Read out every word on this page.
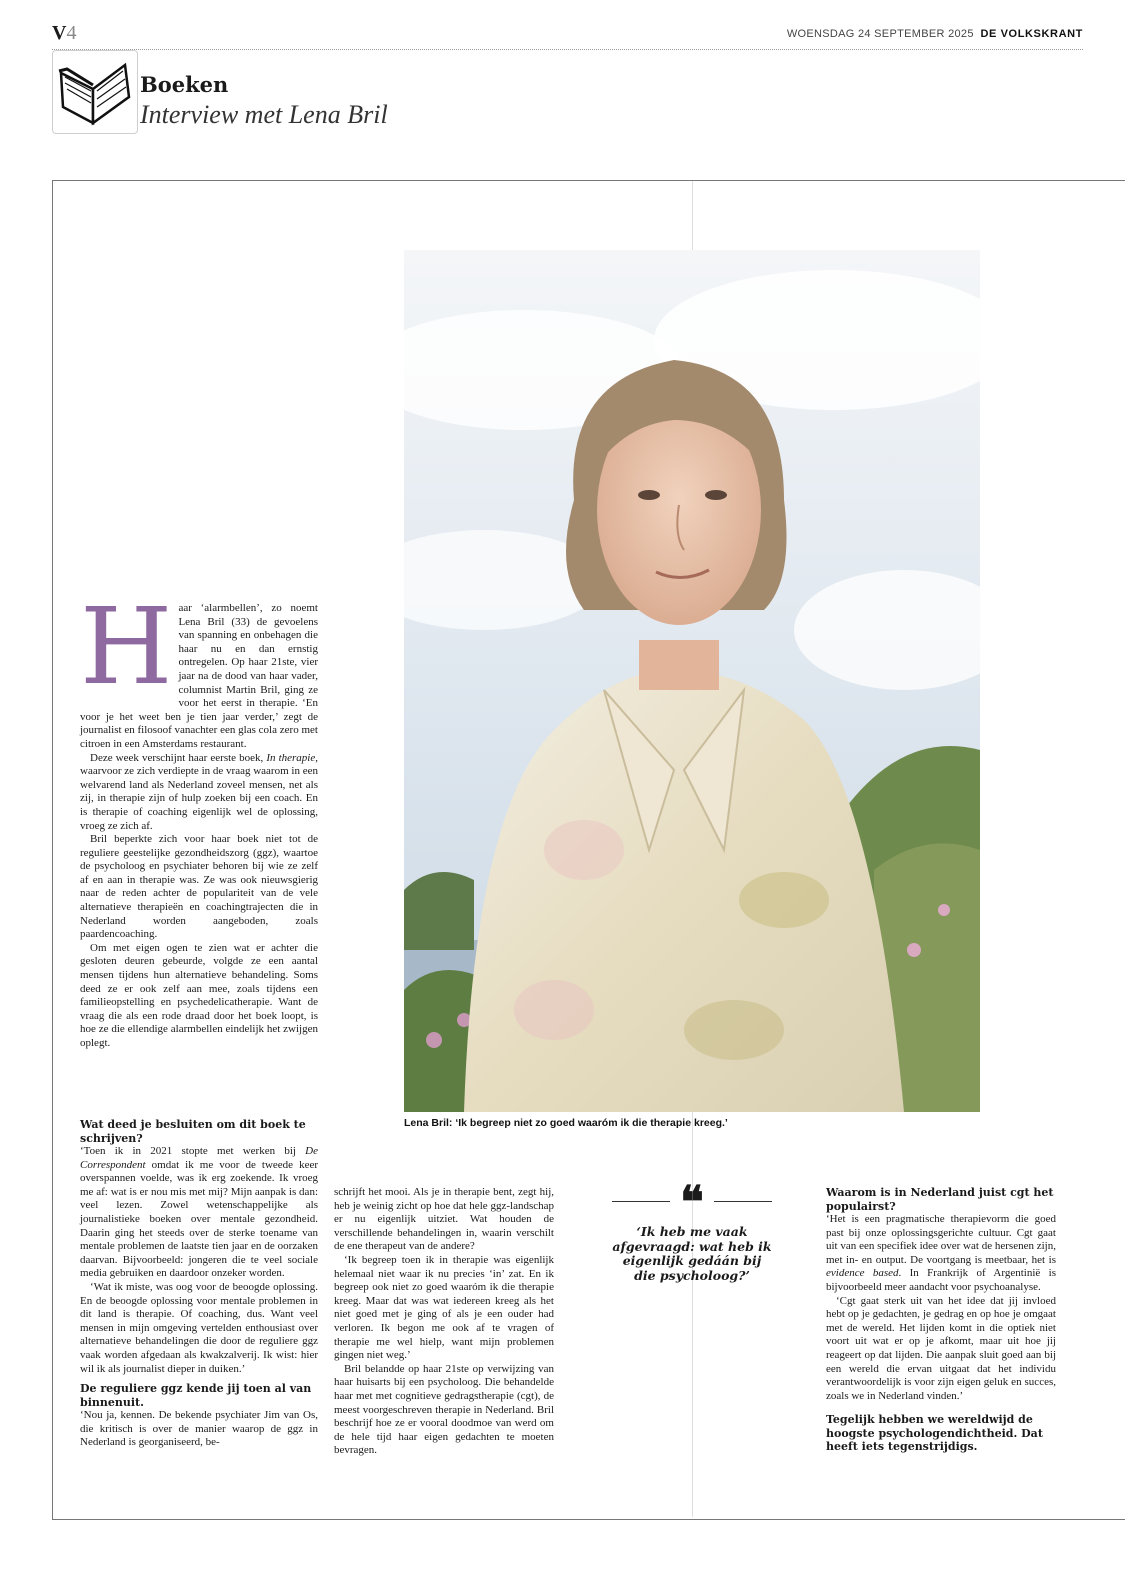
V4	WOENSDAG 24 SEPTEMBER 2025 DE VOLKSKRANT
Boeken
Interview met Lena Bril
Lena Bril: ‘Ik begreep niet zo goed waaróm ik die therapie kreeg.’
H aar ‘alarmbellen’, zo noemt Lena Bril (33) de gevoelens van spanning en onbehagen die haar nu en dan ernstig ontregelen. Op haar 21ste, vier jaar na de dood van haar vader, columnist Martin Bril, ging ze voor het eerst in therapie. ‘En voor je het weet ben je tien jaar verder,’ zegt de journalist en filosoof vanachter een glas cola zero met citroen in een Amsterdams restaurant.

Deze week verschijnt haar eerste boek, In therapie, waarvoor ze zich verdiepte in de vraag waarom in een welvarend land als Nederland zoveel mensen, net als zij, in therapie zijn of hulp zoeken bij een coach. En is therapie of coaching eigenlijk wel de oplossing, vroeg ze zich af.

Bril beperkte zich voor haar boek niet tot de reguliere geestelijke gezondheidszorg (ggz), waartoe de psycholoog en psychiater behoren bij wie ze zelf af en aan in therapie was. Ze was ook nieuwsgierig naar de reden achter de populariteit van de vele alternatieve therapieën en coachingtrajecten die in Nederland worden aangeboden, zoals paardencoaching.

Om met eigen ogen te zien wat er achter die gesloten deuren gebeurde, volgde ze een aantal mensen tijdens hun alternatieve behandeling. Soms deed ze er ook zelf aan mee, zoals tijdens een familieopstelling en psychedelicatherapie. Want de vraag die als een rode draad door het boek loopt, is hoe ze die ellendige alarmbellen eindelijk het zwijgen oplegt.

Wat deed je besluiten om dit boek te schrijven?

‘Toen ik in 2021 stopte met werken bij De Correspondent omdat ik me voor de tweede keer overspannen voelde, was ik erg zoekende. Ik vroeg me af: wat is er nou mis met mij? Mijn aanpak is dan: veel lezen. Zowel wetenschappelijke als journalistieke boeken over mentale gezondheid. Daarin ging het steeds over de sterke toename van mentale problemen de laatste tien jaar en de oorzaken daarvan. Bijvoorbeeld: jongeren die te veel sociale media gebruiken en daardoor onzeker worden.

‘Wat ik miste, was oog voor de beoogde oplossing. En de beoogde oplossing voor mentale problemen in dit land is therapie. Of coaching, dus. Want veel mensen in mijn omgeving vertelden enthousiast over alternatieve behandelingen die door de reguliere ggz vaak worden afgedaan als kwakzalverij. Ik wist: hier wil ik als journalist dieper in duiken.’

De reguliere ggz kende jij toen al van binnenuit.

‘Nou ja, kennen. De bekende psychiater Jim van Os, die kritisch is over de manier waarop de ggz in Nederland is georganiseerd, be-

schrijft het mooi. Als je in therapie bent, zegt hij, heb je weinig zicht op hoe dat hele ggz-landschap er nu eigenlijk uitziet. Wat houden de verschillende behandelingen in, waarin verschilt de ene therapeut van de andere?

‘Ik begreep toen ik in therapie was eigenlijk helemaal niet waar ik nu precies ‘in’ zat. En ik begreep ook niet zo goed waaróm ik die therapie kreeg. Maar dat was wat iedereen kreeg als het niet goed met je ging of als je een ouder had verloren. Ik begon me ook af te vragen of therapie me wel hielp, want mijn problemen gingen niet weg.’

Bril belandde op haar 21ste op verwijzing van haar huisarts bij een psycholoog. Die behandelde haar met met cognitieve gedragstherapie (cgt), de meest voorgeschreven therapie in Nederland. Bril beschrijf hoe ze er vooral doodmoe van werd om de hele tijd haar eigen gedachten te moeten bevragen.

❝
‘Ik heb me vaak afgevraagd: wat heb ik eigenlijk gedáán bij die psycholoog?’
Waarom is in Nederland juist cgt het populairst?

‘Het is een pragmatische therapievorm die goed past bij onze oplossingsgerichte cultuur. Cgt gaat uit van een specifiek idee over wat de hersenen zijn, met in- en output. De voortgang is meetbaar, het is evidence based. In Frankrijk of Argentinië is bijvoorbeeld meer aandacht voor psychoanalyse.

‘Cgt gaat sterk uit van het idee dat jij invloed hebt op je gedachten, je gedrag en op hoe je omgaat met de wereld. Het lijden komt in die optiek niet voort uit wat er op je afkomt, maar uit hoe jij reageert op dat lijden. Die aanpak sluit goed aan bij een wereld die ervan uitgaat dat het individu verantwoordelijk is voor zijn eigen geluk en succes, zoals we in Nederland vinden.’

Tegelijk hebben we wereldwijd de hoogste psychologendichtheid. Dat heeft iets tegenstrijdigs.
